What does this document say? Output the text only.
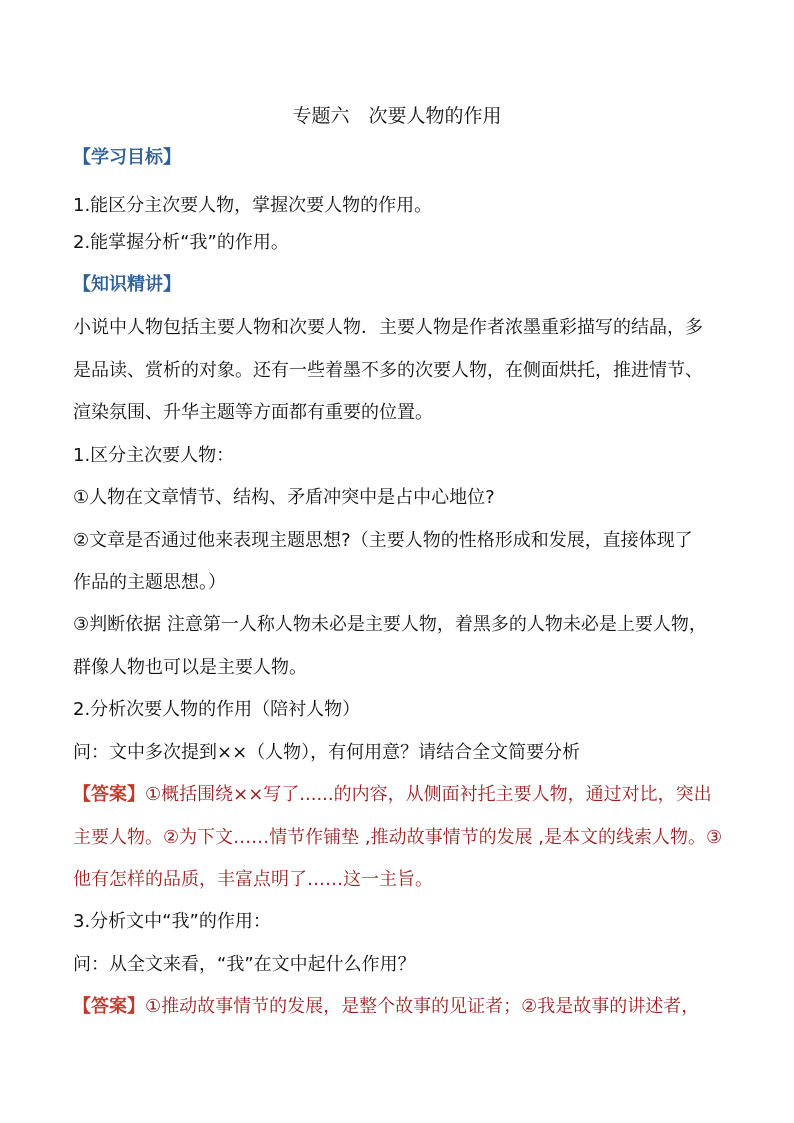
专题六　次要人物的作用
【学习目标】
1.能区分主次要人物，掌握次要人物的作用。
2.能掌握分析“我”的作用。
【知识精讲】
小说中人物包括主要人物和次要人物．主要人物是作者浓墨重彩描写的结晶，多
是品读、赏析的对象。还有一些着墨不多的次要人物，在侧面烘托，推进情节、
渲染氛围、升华主题等方面都有重要的位置。
1.区分主次要人物：
①人物在文章情节、结构、矛盾冲突中是占中心地位?
②文章是否通过他来表现主题思想?（主要人物的性格形成和发展，直接体现了
作品的主题思想。）
③判断依据 注意第一人称人物未必是主要人物，着黑多的人物未必是上要人物，
群像人物也可以是主要人物。
2.分析次要人物的作用（陪衬人物）
问：文中多次提到××（人物），有何用意？请结合全文简要分析
【答案】①概括围绕××写了......的内容，从侧面衬托主要人物，通过对比，突出
主要人物。②为下文……情节作铺垫 ,推动故事情节的发展 ,是本文的线索人物。③
他有怎样的品质，丰富点明了……这一主旨。
3.分析文中“我”的作用：
问：从全文来看，“我”在文中起什么作用？
【答案】①推动故事情节的发展，是整个故事的见证者；②我是故事的讲述者，
